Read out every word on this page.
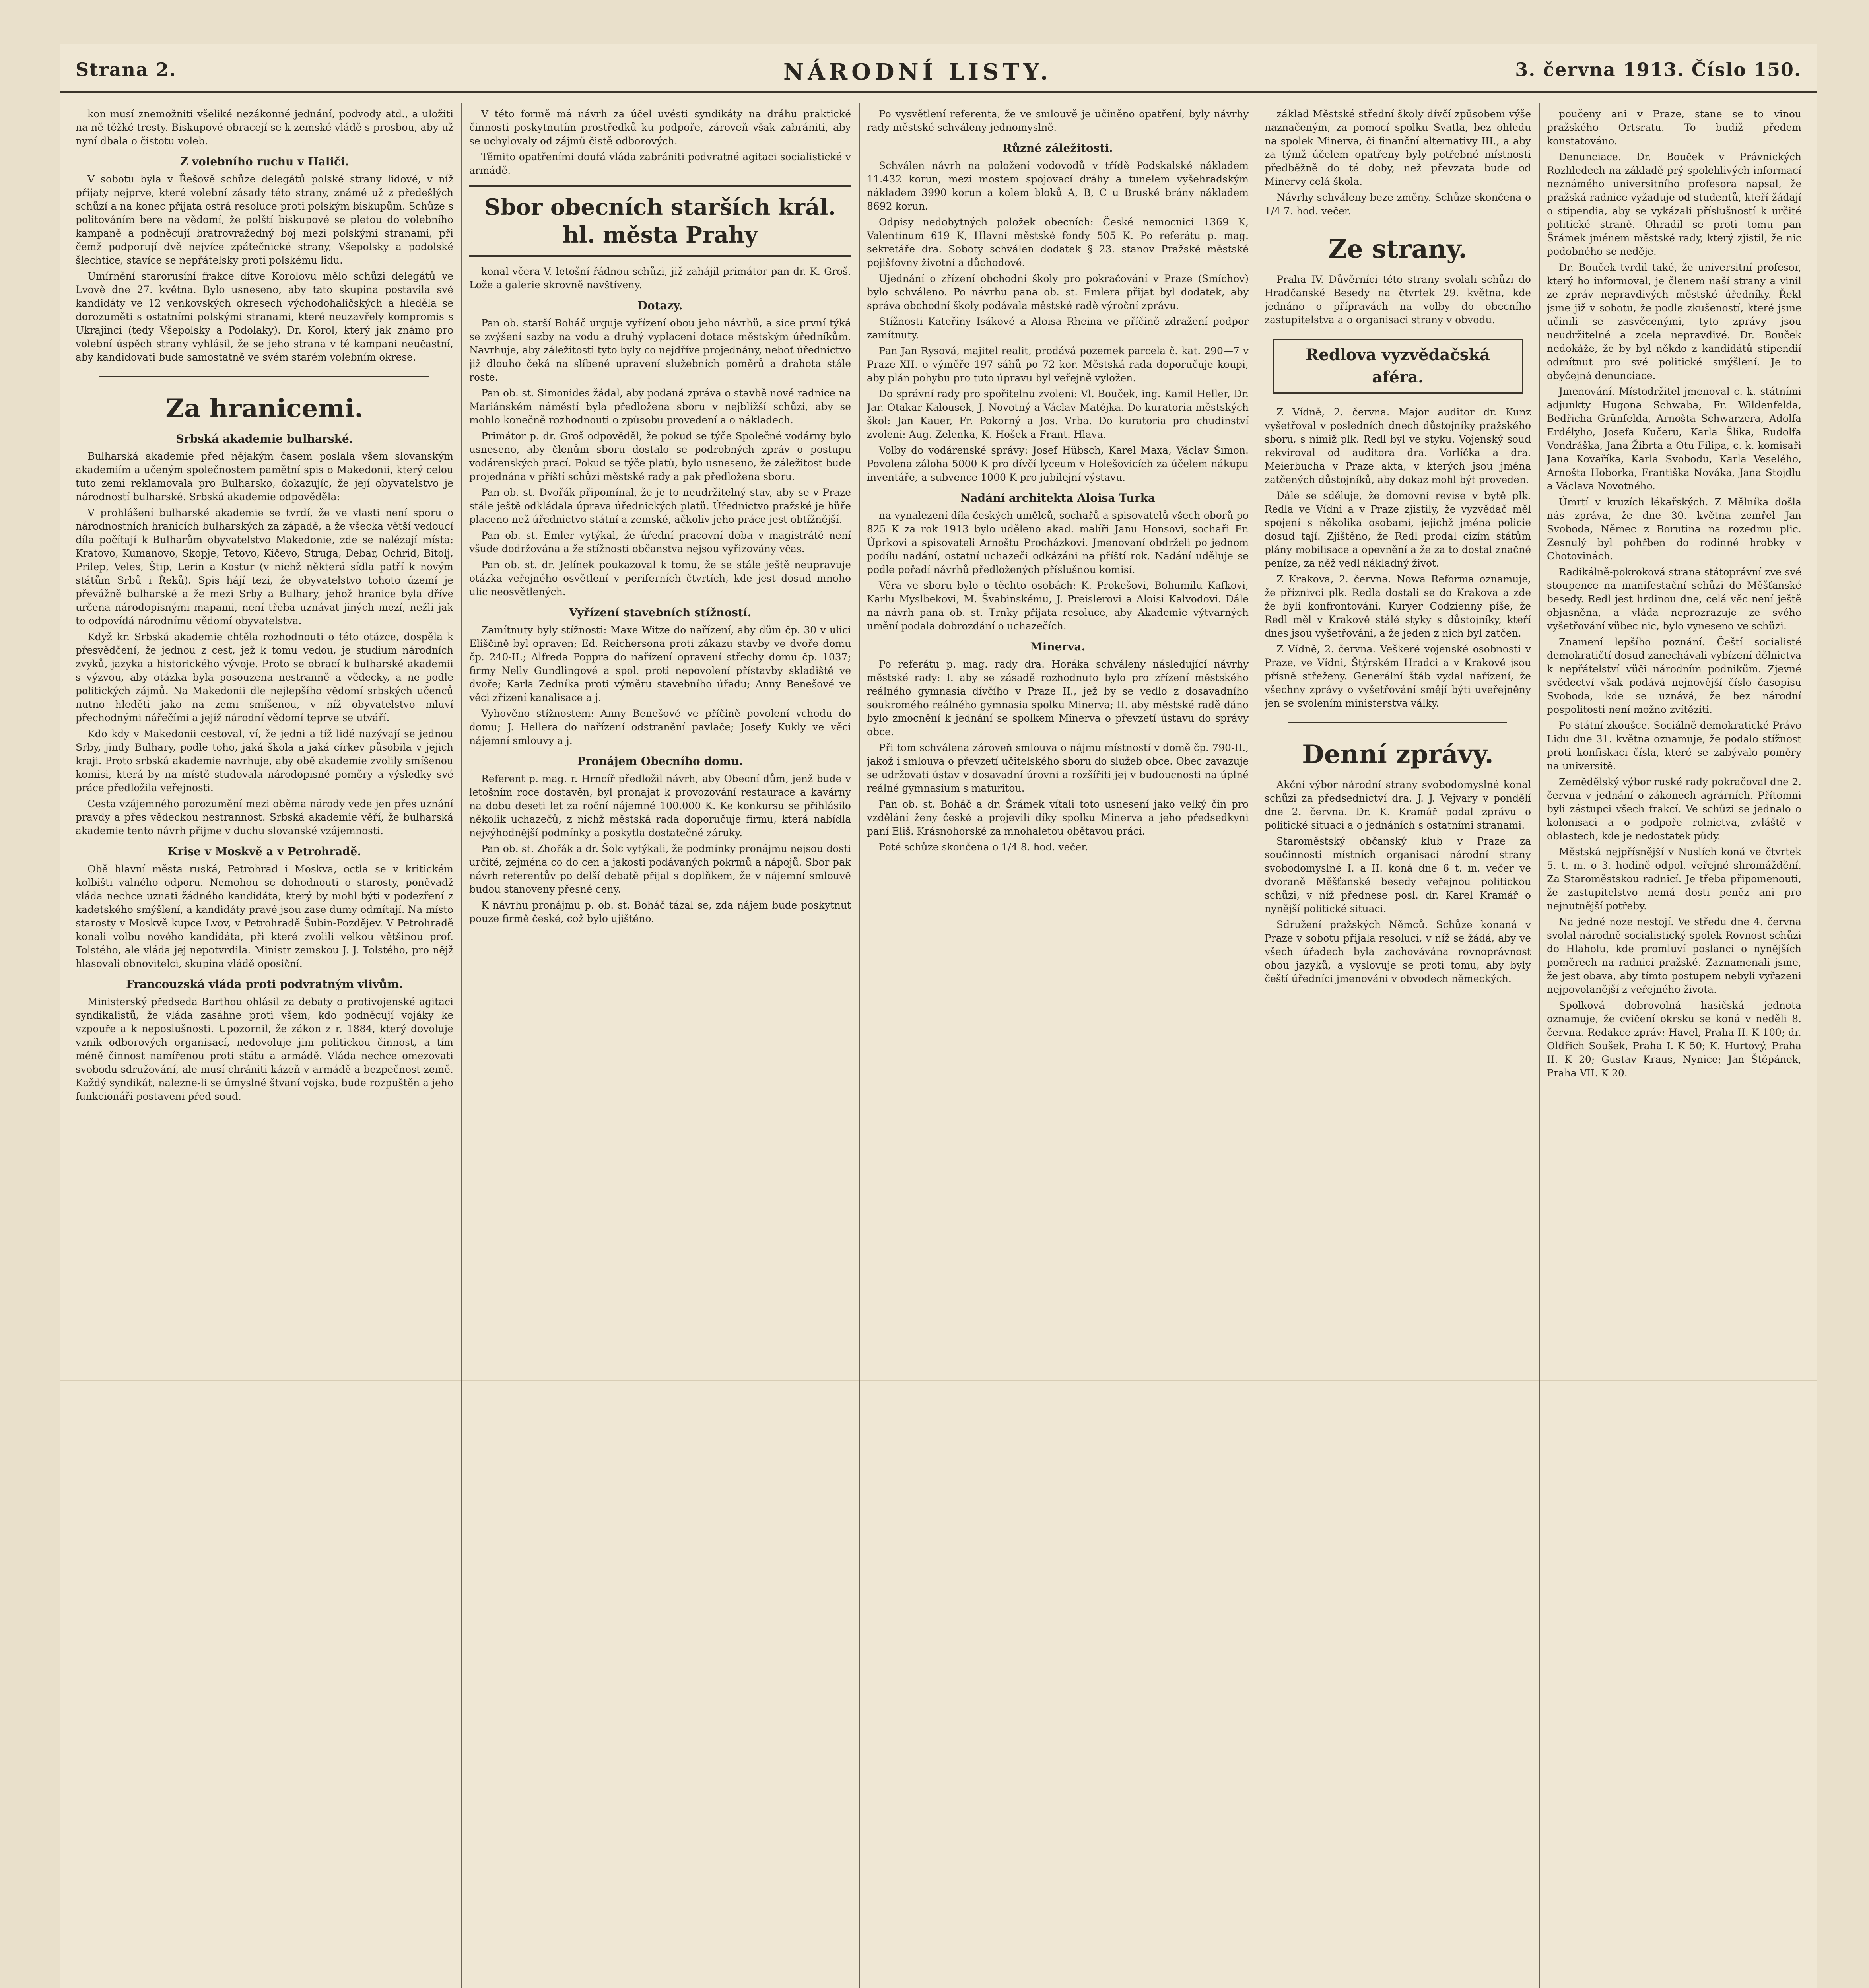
Strana 2.	NÁRODNÍ LISTY.	3. června 1913. Číslo 150.

kon musí znemožniti všeliké nezákonné jednání, podvody atd., a uložiti na ně těžké tresty. Biskupové obracejí se k zemské vládě s prosbou, aby už nyní dbala o čistotu voleb.

Z volebního ruchu v Haliči.

V sobotu byla v Řešově schůze delegátů polské strany lidové, v níž přijaty nejprve, které volební zásady této strany, známé už z předešlých schůzí a na konec přijata ostrá resoluce proti polským biskupům. Schůze s politováním bere na vědomí, že polští biskupové se pletou do volebního kampaně a podněcují bratrovražedný boj mezi polskými stranami, při čemž podporují dvě nejvíce zpátečnické strany, Všepolsky a podolské šlechtice, stavíce se nepřátelsky proti polskému lidu.

Umírnění starorusíní frakce dítve Korolovu mělo schůzi delegátů ve Lvově dne 27. května. Bylo usneseno, aby tato skupina postavila své kandidáty ve 12 venkovských okresech východohaličských a hleděla se dorozuměti s ostatními polskými stranami, které neuzavřely kompromis s Ukrajinci (tedy Všepolsky a Podolaky). Dr. Korol, který jak známo pro volební úspěch strany vyhlásil, že se jeho strana v té kampani neučastní, aby kandidovati bude samostatně ve svém starém volebním okrese.

Za hranicemi.

Srbská akademie bulharské.

Bulharská akademie před nějakým časem poslala všem slovanským akademiím a učeným společnostem pamětní spis o Makedonii, který celou tuto zemi reklamovala pro Bulharsko, dokazujíc, že její obyvatelstvo je národností bulharské. Srbská akademie odpověděla:

V prohlášení bulharské akademie se tvrdí, že ve vlasti není sporu o národnostních hranicích bulharských za západě, a že všecka větší vedoucí díla počítají k Bulharům obyvatelstvo Makedonie, zde se nalézají místa: Kratovo, Kumanovo, Skopje, Tetovo, Kičevo, Struga, Debar, Ochrid, Bitolj, Prilep, Veles, Štip, Lerin a Kostur (v nichž některá sídla patří k novým státům Srbů i Řeků). Spis hájí tezi, že obyvatelstvo tohoto území je převážně bulharské a že mezi Srby a Bulhary, jehož hranice byla dříve určena národopisnými mapami, není třeba uznávat jiných mezí, nežli jak to odpovídá národnímu vědomí obyvatelstva.

Když kr. Srbská akademie chtěla rozhodnouti o této otázce, dospěla k přesvědčení, že jednou z cest, jež k tomu vedou, je studium národních zvyků, jazyka a historického vývoje. Proto se obrací k bulharské akademii s výzvou, aby otázka byla posouzena nestranně a vědecky, a ne podle politických zájmů. Na Makedonii dle nejlepšího vědomí srbských učenců nutno hleděti jako na zemi smíšenou, v níž obyvatelstvo mluví přechodnými nářečími a jejíž národní vědomí teprve se utváří.

Kdo kdy v Makedonii cestoval, ví, že jedni a tíž lidé nazývají se jednou Srby, jindy Bulhary, podle toho, jaká škola a jaká církev působila v jejich kraji. Proto srbská akademie navrhuje, aby obě akademie zvolily smíšenou komisi, která by na místě studovala národopisné poměry a výsledky své práce předložila veřejnosti.

Cesta vzájemného porozumění mezi oběma národy vede jen přes uznání pravdy a přes vědeckou nestrannost. Srbská akademie věří, že bulharská akademie tento návrh přijme v duchu slovanské vzájemnosti.

Krise v Moskvě a v Petrohradě.

Obě hlavní města ruská, Petrohrad i Moskva, octla se v kritickém kolbišti valného odporu. Nemohou se dohodnouti o starosty, poněvadž vláda nechce uznati žádného kandidáta, který by mohl býti v podezření z kadetského smýšlení, a kandidáty pravé jsou zase dumy odmítají. Na místo starosty v Moskvě kupce Lvov, v Petrohradě Šubin-Pozdějev. V Petrohradě konali volbu nového kandidáta, při které zvolili velkou většinou prof. Tolstého, ale vláda jej nepotvrdila. Ministr zemskou J. J. Tolstého, pro nějž hlasovali obnovitelci, skupina vládě oposiční.

Francouzská vláda proti podvratným vlivům.

Ministerský předseda Barthou ohlásil za debaty o protivojenské agitaci syndikalistů, že vláda zasáhne proti všem, kdo podněcují vojáky ke vzpouře a k neposlušnosti. Upozornil, že zákon z r. 1884, který dovoluje vznik odborových organisací, nedovoluje jim politickou činnost, a tím méně činnost namířenou proti státu a armádě. Vláda nechce omezovati svobodu sdružování, ale musí chrániti kázeň v armádě a bezpečnost země. Každý syndikát, nalezne-li se úmyslné štvaní vojska, bude rozpuštěn a jeho funkcionáři postaveni před soud.

V této formě má návrh za účel uvésti syndikáty na dráhu praktické činnosti poskytnutím prostředků ku podpoře, zároveň však zabrániti, aby se uchylovaly od zájmů čistě odborových.

Těmito opatřeními doufá vláda zabrániti podvratné agitaci socialistické v armádě.

Sbor obecních starších král. hl. města Prahy

konal včera V. letošní řádnou schůzi, již zahájil primátor pan dr. K. Groš. Lože a galerie skrovně navštíveny.

Dotazy.

Pan ob. starší Boháč urguje vyřízení obou jeho návrhů, a sice první týká se zvýšení sazby na vodu a druhý vyplacení dotace městským úředníkům. Navrhuje, aby záležitosti tyto byly co nejdříve projednány, neboť úřednictvo již dlouho čeká na slíbené upravení služebních poměrů a drahota stále roste.

Pan ob. st. Simonides žádal, aby podaná zpráva o stavbě nové radnice na Mariánském náměstí byla předložena sboru v nejbližší schůzi, aby se mohlo konečně rozhodnouti o způsobu provedení a o nákladech.

Primátor p. dr. Groš odpověděl, že pokud se týče Společné vodárny bylo usneseno, aby členům sboru dostalo se podrobných zpráv o postupu vodárenských prací. Pokud se týče platů, bylo usneseno, že záležitost bude projednána v příští schůzi městské rady a pak předložena sboru.

Pan ob. st. Dvořák připomínal, že je to neudržitelný stav, aby se v Praze stále ještě odkládala úprava úřednických platů. Úřednictvo pražské je hůře placeno než úřednictvo státní a zemské, ačkoliv jeho práce jest obtížnější.

Pan ob. st. Emler vytýkal, že úřední pracovní doba v magistrátě není všude dodržována a že stížnosti občanstva nejsou vyřizovány včas.

Pan ob. st. dr. Jelínek poukazoval k tomu, že se stále ještě neupravuje otázka veřejného osvětlení v periferních čtvrtích, kde jest dosud mnoho ulic neosvětlených.

Vyřízení stavebních stížností.

Zamítnuty byly stížnosti: Maxe Witze do nařízení, aby dům čp. 30 v ulici Eliščině byl opraven; Ed. Reichersona proti zákazu stavby ve dvoře domu čp. 240-II.; Alfreda Poppra do nařízení opravení střechy domu čp. 1037; firmy Nelly Gundlingové a spol. proti nepovolení přístavby skladiště ve dvoře; Karla Zedníka proti výměru stavebního úřadu; Anny Benešové ve věci zřízení kanalisace a j.

Vyhověno stížnostem: Anny Benešové ve příčině povolení vchodu do domu; J. Hellera do nařízení odstranění pavlače; Josefy Kukly ve věci nájemní smlouvy a j.

Pronájem Obecního domu.

Referent p. mag. r. Hrncíř předložil návrh, aby Obecní dům, jenž bude v letošním roce dostavěn, byl pronajat k provozování restaurace a kavárny na dobu deseti let za roční nájemné 100.000 K. Ke konkursu se přihlásilo několik uchazečů, z nichž městská rada doporučuje firmu, která nabídla nejvýhodnější podmínky a poskytla dostatečné záruky.

Pan ob. st. Zhořák a dr. Šolc vytýkali, že podmínky pronájmu nejsou dosti určité, zejména co do cen a jakosti podávaných pokrmů a nápojů. Sbor pak návrh referentův po delší debatě přijal s doplňkem, že v nájemní smlouvě budou stanoveny přesné ceny.

K návrhu pronájmu p. ob. st. Boháč tázal se, zda nájem bude poskytnut pouze firmě české, což bylo ujištěno.

Po vysvětlení referenta, že ve smlouvě je učiněno opatření, byly návrhy rady městské schváleny jednomyslně.

Různé záležitosti.

Schválen návrh na položení vodovodů v třídě Podskalské nákladem 11.432 korun, mezi mostem spojovací dráhy a tunelem vyšehradským nákladem 3990 korun a kolem bloků A, B, C u Bruské brány nákladem 8692 korun.

Odpisy nedobytných položek obecních: České nemocnici 1369 K, Valentinum 619 K, Hlavní městské fondy 505 K. Po referátu p. mag. sekretáře dra. Soboty schválen dodatek § 23. stanov Pražské městské pojišťovny životní a důchodové.

Ujednání o zřízení obchodní školy pro pokračování v Praze (Smíchov) bylo schváleno. Po návrhu pana ob. st. Emlera přijat byl dodatek, aby správa obchodní školy podávala městské radě výroční zprávu.

Stížnosti Kateřiny Isákové a Aloisa Rheina ve příčině zdražení podpor zamítnuty.

Pan Jan Rysová, majitel realit, prodává pozemek parcela č. kat. 290—7 v Praze XII. o výměře 197 sáhů po 72 kor. Městská rada doporučuje koupi, aby plán pohybu pro tuto úpravu byl veřejně vyložen.

Do správní rady pro spořitelnu zvoleni: Vl. Bouček, ing. Kamil Heller, Dr. Jar. Otakar Kalousek, J. Novotný a Václav Matějka. Do kuratoria městských škol: Jan Kauer, Fr. Pokorný a Jos. Vrba. Do kuratoria pro chudinství zvoleni: Aug. Zelenka, K. Hošek a Frant. Hlava.

Volby do vodárenské správy: Josef Hübsch, Karel Maxa, Václav Šimon. Povolena záloha 5000 K pro dívčí lyceum v Holešovicích za účelem nákupu inventáře, a subvence 1000 K pro jubilejní výstavu.

Nadání architekta Aloisa Turka

na vynalezení díla českých umělců, sochařů a spisovatelů všech oborů po 825 K za rok 1913 bylo uděleno akad. malíři Janu Honsovi, sochaři Fr. Úprkovi a spisovateli Arnoštu Procházkovi. Jmenovaní obdrželi po jednom podílu nadání, ostatní uchazeči odkázáni na příští rok. Nadání uděluje se podle pořadí návrhů předložených příslušnou komisí.

Věra ve sboru bylo o těchto osobách: K. Prokešovi, Bohumilu Kafkovi, Karlu Myslbekovi, M. Švabinskému, J. Preislerovi a Aloisi Kalvodovi. Dále na návrh pana ob. st. Trnky přijata resoluce, aby Akademie výtvarných umění podala dobrozdání o uchazečích.

Minerva.

Po referátu p. mag. rady dra. Horáka schváleny následující návrhy městské rady: I. aby se zásadě rozhodnuto bylo pro zřízení městského reálného gymnasia dívčího v Praze II., jež by se vedlo z dosavadního soukromého reálného gymnasia spolku Minerva; II. aby městské radě dáno bylo zmocnění k jednání se spolkem Minerva o převzetí ústavu do správy obce.

Při tom schválena zároveň smlouva o nájmu místností v domě čp. 790-II., jakož i smlouva o převzetí učitelského sboru do služeb obce. Obec zavazuje se udržovati ústav v dosavadní úrovni a rozšířiti jej v budoucnosti na úplné reálné gymnasium s maturitou.

Pan ob. st. Boháč a dr. Šrámek vítali toto usnesení jako velký čin pro vzdělání ženy české a projevili díky spolku Minerva a jeho předsedkyni paní Eliš. Krásnohorské za mnohaletou obětavou práci.

Poté schůze skončena o 1/4 8. hod. večer.

základ Městské střední školy dívčí způsobem výše naznačeným, za pomocí spolku Svatla, bez ohledu na spolek Minerva, či finanční alternativy III., a aby za týmž účelem opatřeny byly potřebné místnosti předběžně do té doby, než převzata bude od Minervy celá škola.

Návrhy schváleny beze změny. Schůze skončena o 1/4 7. hod. večer.

Ze strany.

Praha IV. Důvěrníci této strany svolali schůzi do Hradčanské Besedy na čtvrtek 29. května, kde jednáno o přípravách na volby do obecního zastupitelstva a o organisaci strany v obvodu.

Redlova vyzvědačská aféra.

Z Vídně, 2. června. Major auditor dr. Kunz vyšetřoval v posledních dnech důstojníky pražského sboru, s nimiž plk. Redl byl ve styku. Vojenský soud rekviroval od auditora dra. Vorlíčka a dra. Meierbucha v Praze akta, v kterých jsou jména zatčených důstojníků, aby dokaz mohl být proveden.

Dále se sděluje, že domovní revise v bytě plk. Redla ve Vídni a v Praze zjistily, že vyzvědač měl spojení s několika osobami, jejichž jména policie dosud tají. Zjištěno, že Redl prodal cizím státům plány mobilisace a opevnění a že za to dostal značné peníze, za něž vedl nákladný život.

Z Krakova, 2. června. Nowa Reforma oznamuje, že příznivci plk. Redla dostali se do Krakova a zde že byli konfrontováni. Kuryer Codzienny píše, že Redl měl v Krakově stálé styky s důstojníky, kteří dnes jsou vyšetřováni, a že jeden z nich byl zatčen.

Z Vídně, 2. června. Veškeré vojenské osobnosti v Praze, ve Vídni, Štýrském Hradci a v Krakově jsou přísně střeženy. Generální štáb vydal nařízení, že všechny zprávy o vyšetřování smějí býti uveřejněny jen se svolením ministerstva války.

Denní zprávy.

Akční výbor národní strany svobodomyslné konal schůzi za předsednictví dra. J. J. Vejvary v pondělí dne 2. června. Dr. K. Kramář podal zprávu o politické situaci a o jednáních s ostatními stranami.

Staroměstský občanský klub v Praze za součinnosti místních organisací národní strany svobodomyslné I. a II. koná dne 6 t. m. večer ve dvoraně Měšťanské besedy veřejnou politickou schůzi, v níž přednese posl. dr. Karel Kramář o nynější politické situaci.

Sdružení pražských Němců. Schůze konaná v Praze v sobotu přijala resoluci, v níž se žádá, aby ve všech úřadech byla zachovávána rovnoprávnost obou jazyků, a vyslovuje se proti tomu, aby byly čeští úředníci jmenováni v obvodech německých.

poučeny ani v Praze, stane se to vinou pražského Ortsratu. To budiž předem konstatováno.

Denunciace. Dr. Bouček v Právnických Rozhledech na základě prý spolehlivých informací neznámého universitního profesora napsal, že pražská radnice vyžaduje od studentů, kteří žádají o stipendia, aby se vykázali příslušností k určité politické straně. Ohradil se proti tomu pan Šrámek jménem městské rady, který zjistil, že nic podobného se neděje.

Dr. Bouček tvrdil také, že universitní profesor, který ho informoval, je členem naší strany a vinil ze zpráv nepravdivých městské úředníky. Řekl jsme již v sobotu, že podle zkušeností, které jsme učinili se zasvěcenými, tyto zprávy jsou neudržitelné a zcela nepravdivé. Dr. Bouček nedokáže, že by byl někdo z kandidátů stipendií odmítnut pro své politické smýšlení. Je to obyčejná denunciace.

Jmenování. Místodržitel jmenoval c. k. státními adjunkty Hugona Schwaba, Fr. Wildenfelda, Bedřicha Grünfelda, Arnošta Schwarzera, Adolfa Erdélyho, Josefa Kučeru, Karla Šlika, Rudolfa Vondráška, Jana Žibrta a Otu Filipa, c. k. komisaři Jana Kovaříka, Karla Svobodu, Karla Veselého, Arnošta Hoborka, Františka Nováka, Jana Stojdlu a Václava Novotného.

Úmrtí v kruzích lékařských. Z Mělníka došla nás zpráva, že dne 30. května zemřel Jan Svoboda, Němec z Borutina na rozedmu plic. Zesnulý byl pohřben do rodinné hrobky v Chotovinách.

Radikálně-pokroková strana státoprávní zve své stoupence na manifestační schůzi do Měšťanské besedy. Redl jest hrdinou dne, celá věc není ještě objasněna, a vláda neprozrazuje ze svého vyšetřování vůbec nic, bylo vyneseno ve schůzi.

Znamení lepšího poznání. Čeští socialisté demokratičtí dosud zanechávali vybízení dělnictva k nepřátelství vůči národním podnikům. Zjevné svědectví však podává nejnovější číslo časopisu Svoboda, kde se uznává, že bez národní pospolitosti není možno zvítěziti.

Po státní zkoušce. Sociálně-demokratické Právo Lidu dne 31. května oznamuje, že podalo stížnost proti konfiskaci čísla, které se zabývalo poměry na universitě.

Zemědělský výbor ruské rady pokračoval dne 2. června v jednání o zákonech agrárních. Přítomni byli zástupci všech frakcí. Ve schůzi se jednalo o kolonisaci a o podpoře rolnictva, zvláště v oblastech, kde je nedostatek půdy.

Městská nejpřísnější v Nuslích koná ve čtvrtek 5. t. m. o 3. hodině odpol. veřejné shromáždění. Za Staroměstskou radnicí. Je třeba připomenouti, že zastupitelstvo nemá dosti peněz ani pro nejnutnější potřeby.

Na jedné noze nestojí. Ve středu dne 4. června svolal národně-socialistický spolek Rovnost schůzi do Hlaholu, kde promluví poslanci o nynějších poměrech na radnici pražské. Zaznamenali jsme, že jest obava, aby tímto postupem nebyli vyřazeni nejpovolanější z veřejného života.

Spolková dobrovolná hasičská jednota oznamuje, že cvičení okrsku se koná v neděli 8. června. Redakce zpráv: Havel, Praha II. K 100; dr. Oldřich Soušek, Praha I. K 50; K. Hurtový, Praha II. K 20; Gustav Kraus, Nynice; Jan Štěpánek, Praha VII. K 20.
